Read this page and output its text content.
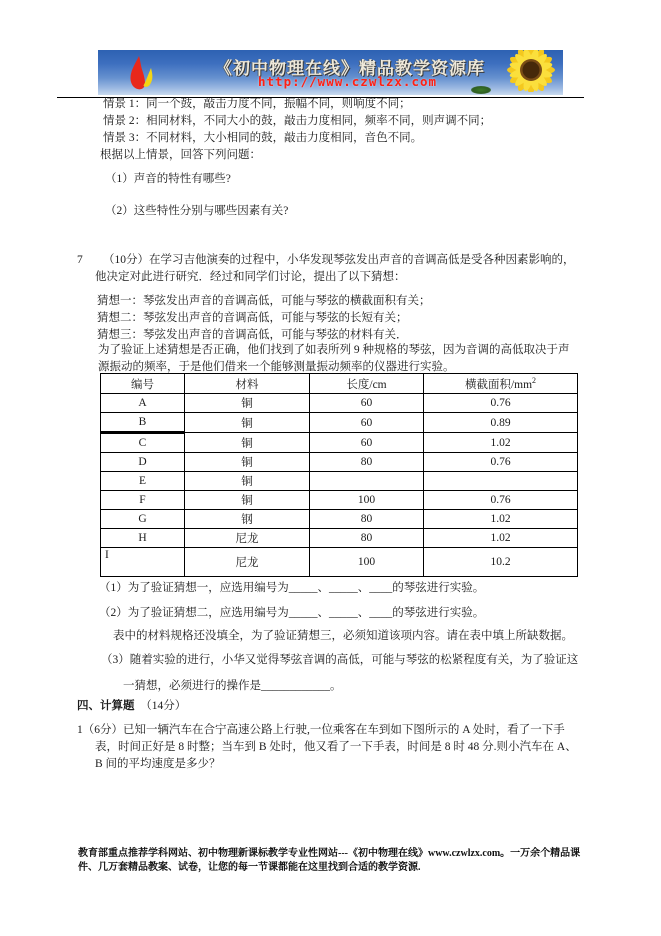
《初中物理在线》精品教学资源库
http://www.czwlzx.com
情景 1：同一个鼓，敲击力度不同，振幅不同，则响度不同；
情景 2：相同材料，不同大小的鼓，敲击力度相同，频率不同，则声调不同；
情景 3：不同材料，大小相同的鼓，敲击力度相同，音色不同。
根据以上情景，回答下列问题：
（1）声音的特性有哪些?
（2）这些特性分别与哪些因素有关?
7	（10分）在学习吉他演奏的过程中，小华发现琴弦发出声音的音调高低是受各种因素影响的，他决定对此进行研究．经过和同学们讨论，提出了以下猜想：
猜想一：琴弦发出声音的音调高低，可能与琴弦的横截面积有关；
猜想二：琴弦发出声音的音调高低，可能与琴弦的长短有关；
猜想三：琴弦发出声音的音调高低，可能与琴弦的材料有关．
为了验证上述猜想是否正确，他们找到了如表所列 9 种规格的琴弦，因为音调的高低取决于声源振动的频率，于是他们借来一个能够测量振动频率的仪器进行实验。
编号	材料	长度/cm	横截面积$/mm^2$
A	铜	60	0.76
B	铜	60	0.89
C	铜	60	1.02
D	铜	80	0.76
E	铜		
F	铜	100	0.76
G	钢	80	1.02
H	尼龙	80	1.02
I	尼龙	100	10.2
（1）为了验证猜想一，应选用编号为_____、_____、____的琴弦进行实验。
（2）为了验证猜想二，应选用编号为_____、_____、____的琴弦进行实验。
表中的材料规格还没填全，为了验证猜想三，必须知道该项内容。请在表中填上所缺数据。
（3）随着实验的进行，小华又觉得琴弦音调的高低，可能与琴弦的松紧程度有关，为了验证这一猜想，必须进行的操作是____________。
四、计算题　（14分）
1（6分）已知一辆汽车在合宁高速公路上行驶,一位乘客在车到如下图所示的 A 处时，看了一下手表，时间正好是 8 时整；当车到 B 处时，他又看了一下手表，时间是 8 时 48 分.则小汽车在 A、B 间的平均速度是多少？
教育部重点推荐学科网站、初中物理新课标教学专业性网站---《初中物理在线》www.czwlzx.com。一万余个精品课件、几万套精品教案、试卷，让您的每一节课都能在这里找到合适的教学资源.
